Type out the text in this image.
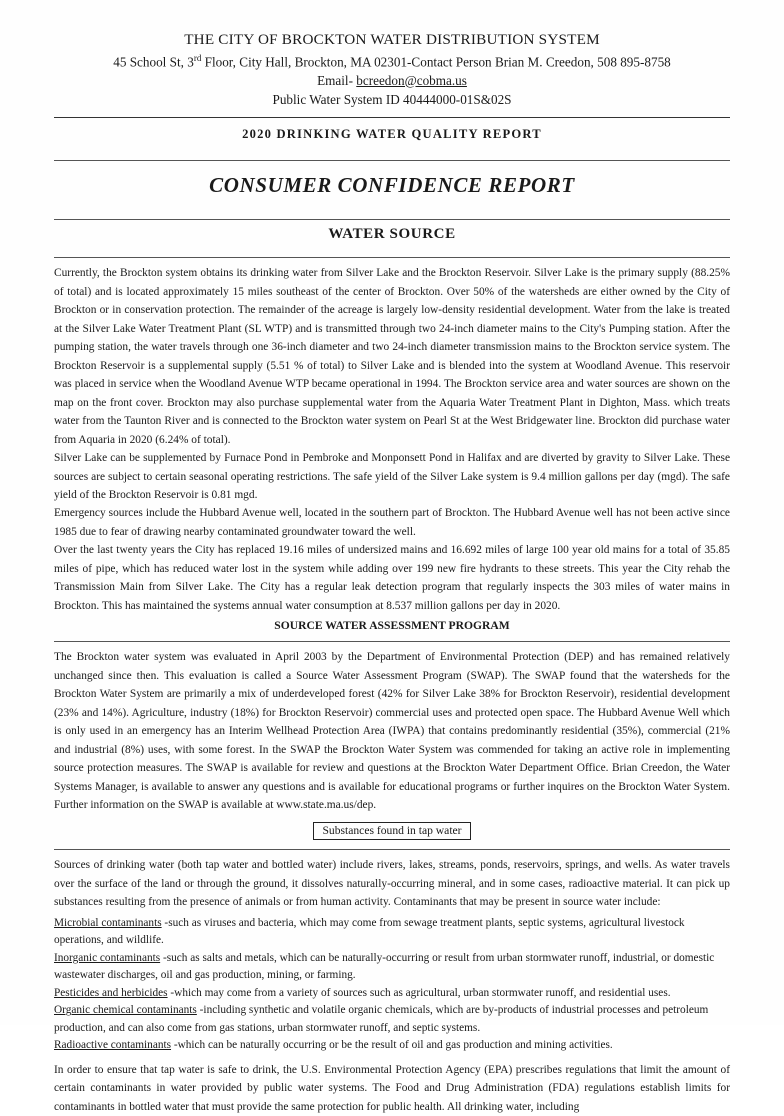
THE CITY OF BROCKTON WATER DISTRIBUTION SYSTEM
45 School St, 3rd Floor, City Hall, Brockton, MA 02301-Contact Person Brian M. Creedon, 508 895-8758
Email- bcreedon@cobma.us
Public Water System ID 40444000-01S&02S
2020 DRINKING WATER QUALITY REPORT
CONSUMER CONFIDENCE REPORT
WATER SOURCE

Currently, the Brockton system obtains its drinking water from Silver Lake and the Brockton Reservoir. Silver Lake is the primary supply (88.25% of total) and is located approximately 15 miles southeast of the center of Brockton. Over 50% of the watersheds are either owned by the City of Brockton or in conservation protection. The remainder of the acreage is largely low-density residential development. Water from the lake is treated at the Silver Lake Water Treatment Plant (SL WTP) and is transmitted through two 24-inch diameter mains to the City's Pumping station. After the pumping station, the water travels through one 36-inch diameter and two 24-inch diameter transmission mains to the Brockton service system. The Brockton Reservoir is a supplemental supply (5.51 % of total) to Silver Lake and is blended into the system at Woodland Avenue. This reservoir was placed in service when the Woodland Avenue WTP became operational in 1994. The Brockton service area and water sources are shown on the map on the front cover. Brockton may also purchase supplemental water from the Aquaria Water Treatment Plant in Dighton, Mass. which treats water from the Taunton River and is connected to the Brockton water system on Pearl St at the West Bridgewater line. Brockton did purchase water from Aquaria in 2020 (6.24% of total).

Silver Lake can be supplemented by Furnace Pond in Pembroke and Monponsett Pond in Halifax and are diverted by gravity to Silver Lake. These sources are subject to certain seasonal operating restrictions. The safe yield of the Silver Lake system is 9.4 million gallons per day (mgd). The safe yield of the Brockton Reservoir is 0.81 mgd.

Emergency sources include the Hubbard Avenue well, located in the southern part of Brockton. The Hubbard Avenue well has not been active since 1985 due to fear of drawing nearby contaminated groundwater toward the well.

Over the last twenty years the City has replaced 19.16 miles of undersized mains and 16.692 miles of large 100 year old mains for a total of 35.85 miles of pipe, which has reduced water lost in the system while adding over 199 new fire hydrants to these streets. This year the City rehab the Transmission Main from Silver Lake. The City has a regular leak detection program that regularly inspects the 303 miles of water mains in Brockton. This has maintained the systems annual water consumption at 8.537 million gallons per day in 2020.

SOURCE WATER ASSESSMENT PROGRAM

The Brockton water system was evaluated in April 2003 by the Department of Environmental Protection (DEP) and has remained relatively unchanged since then. This evaluation is called a Source Water Assessment Program (SWAP). The SWAP found that the watersheds for the Brockton Water System are primarily a mix of underdeveloped forest (42% for Silver Lake 38% for Brockton Reservoir), residential development (23% and 14%). Agriculture, industry (18%) for Brockton Reservoir) commercial uses and protected open space. The Hubbard Avenue Well which is only used in an emergency has an Interim Wellhead Protection Area (IWPA) that contains predominantly residential (35%), commercial (21% and industrial (8%) uses, with some forest. In the SWAP the Brockton Water System was commended for taking an active role in implementing source protection measures. The SWAP is available for review and questions at the Brockton Water Department Office. Brian Creedon, the Water Systems Manager, is available to answer any questions and is available for educational programs or further inquires on the Brockton Water System. Further information on the SWAP is available at www.state.ma.us/dep.

Substances found in tap water

Sources of drinking water (both tap water and bottled water) include rivers, lakes, streams, ponds, reservoirs, springs, and wells. As water travels over the surface of the land or through the ground, it dissolves naturally-occurring mineral, and in some cases, radioactive material. It can pick up substances resulting from the presence of animals or from human activity. Contaminants that may be present in source water include:

Microbial contaminants -such as viruses and bacteria, which may come from sewage treatment plants, septic systems, agricultural livestock operations, and wildlife.

Inorganic contaminants -such as salts and metals, which can be naturally-occurring or result from urban stormwater runoff, industrial, or domestic wastewater discharges, oil and gas production, mining, or farming.

Pesticides and herbicides -which may come from a variety of sources such as agricultural, urban stormwater runoff, and residential uses.

Organic chemical contaminants -including synthetic and volatile organic chemicals, which are by-products of industrial processes and petroleum production, and can also come from gas stations, urban stormwater runoff, and septic systems.

Radioactive contaminants -which can be naturally occurring or be the result of oil and gas production and mining activities.

In order to ensure that tap water is safe to drink, the U.S. Environmental Protection Agency (EPA) prescribes regulations that limit the amount of certain contaminants in water provided by public water systems. The Food and Drug Administration (FDA) regulations establish limits for contaminants in bottled water that must provide the same protection for public health. All drinking water, including
